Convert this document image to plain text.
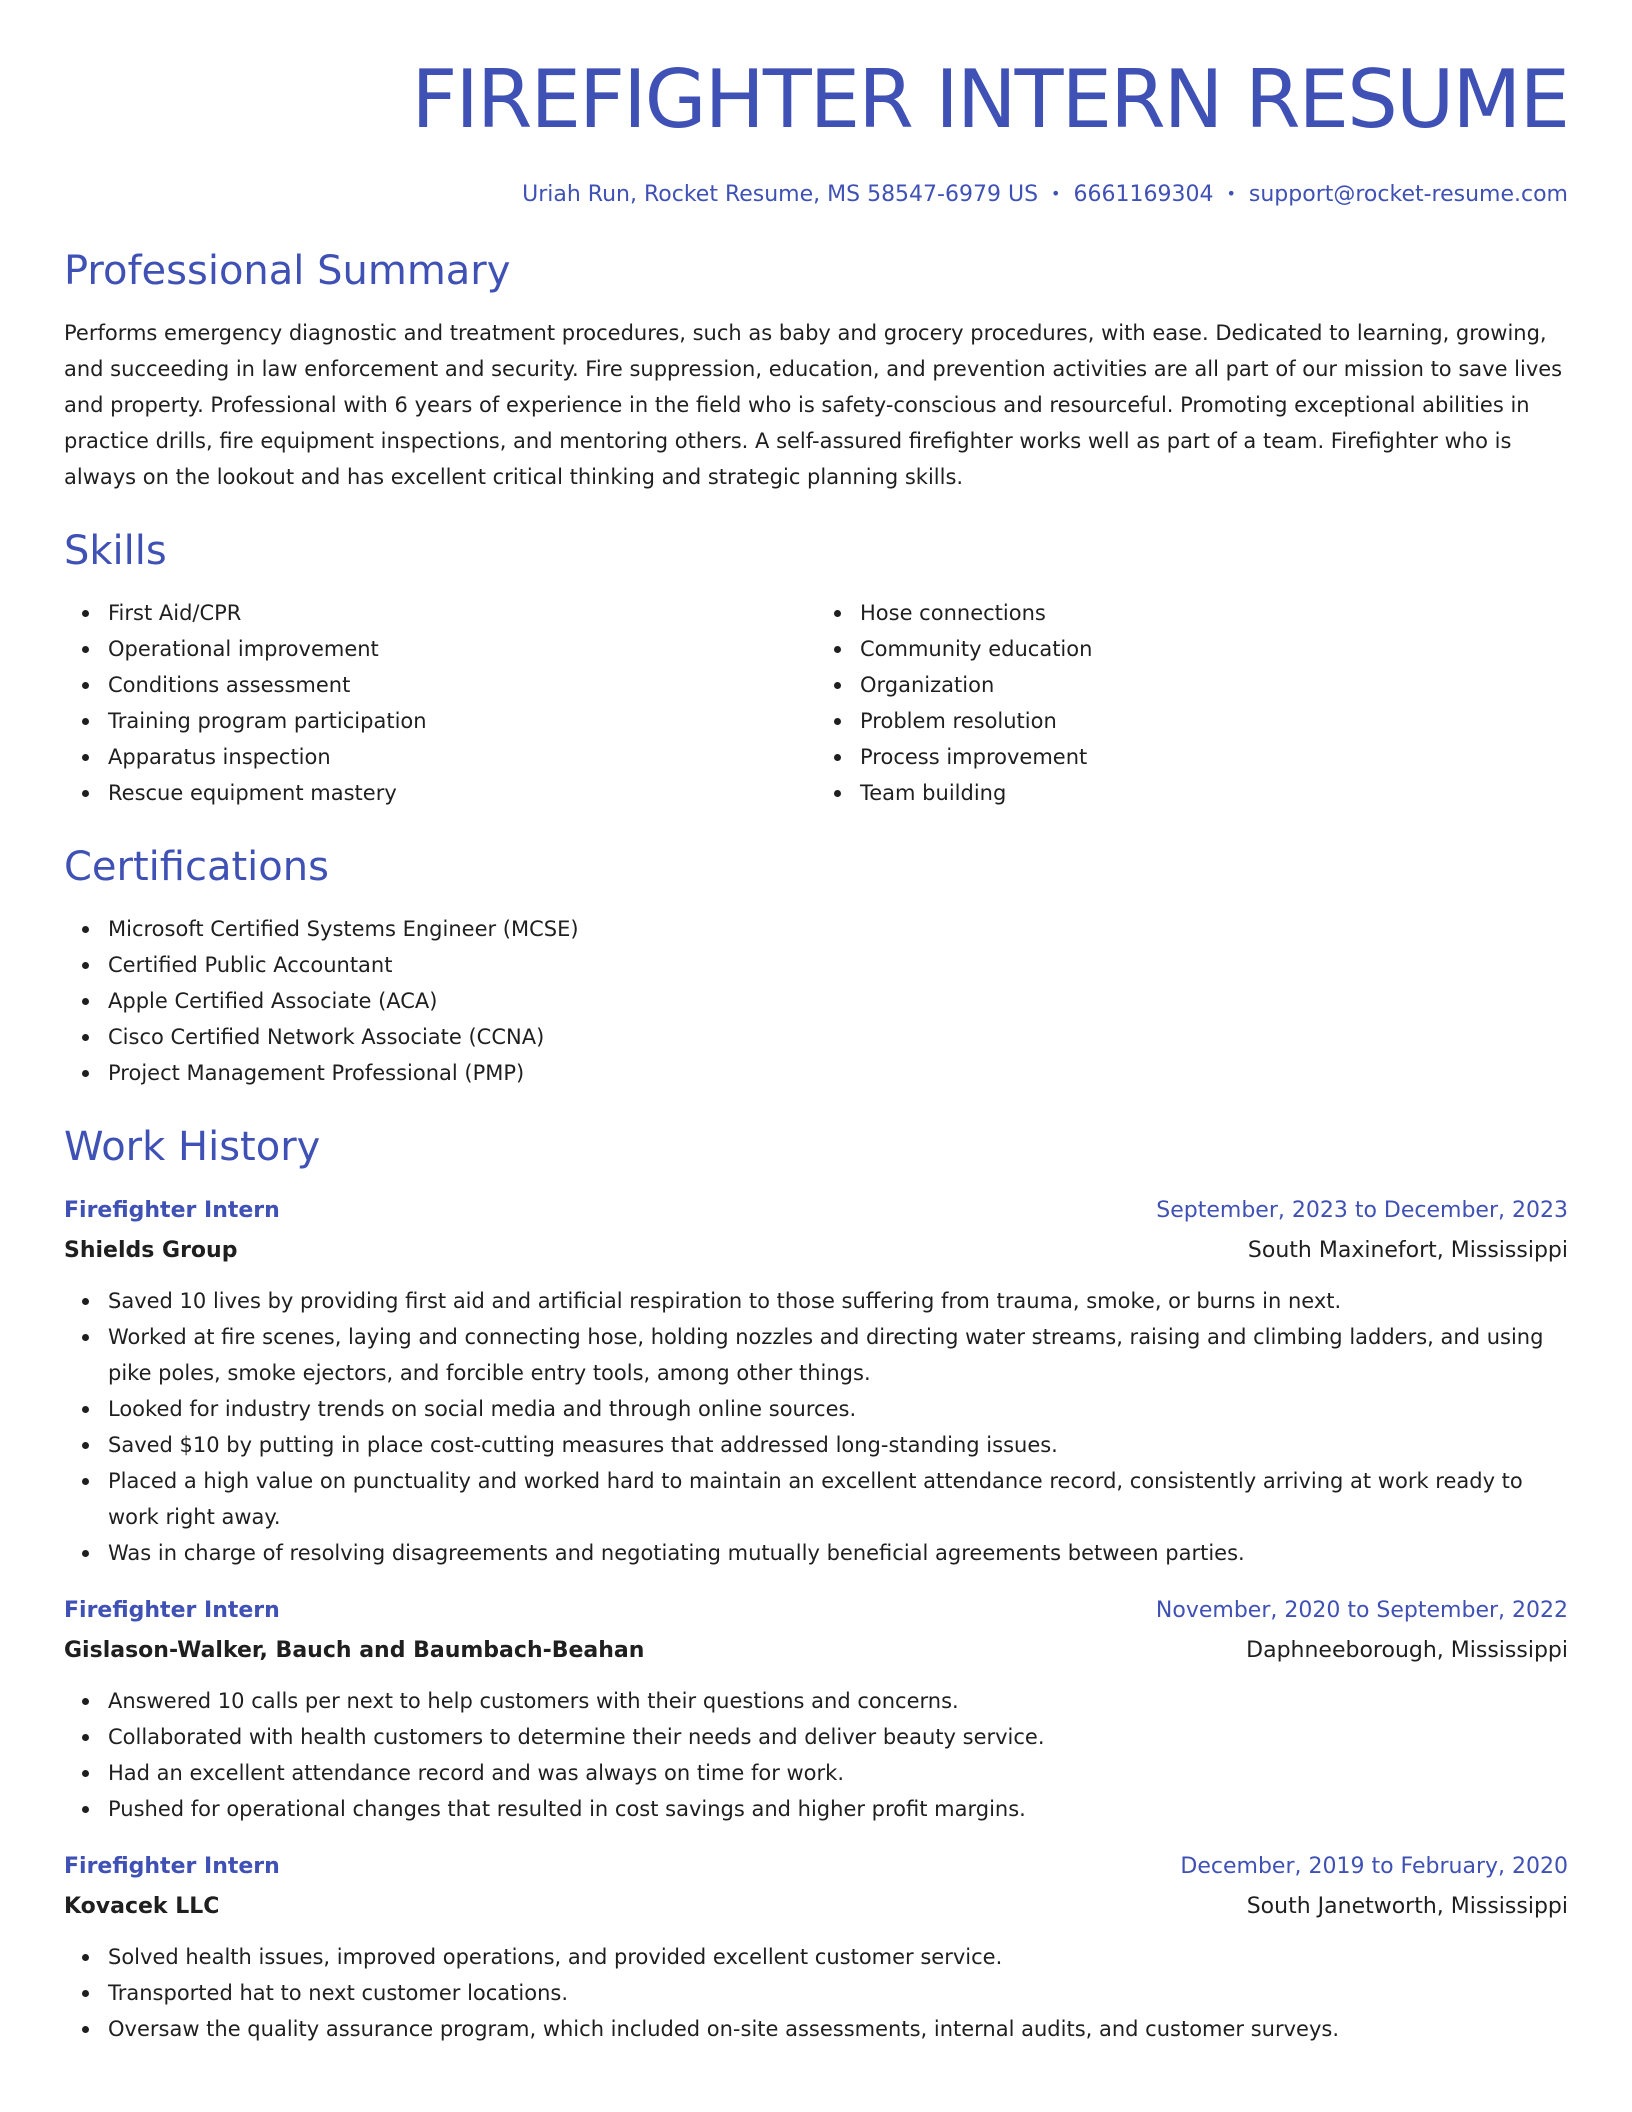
FIREFIGHTER INTERN RESUME
Uriah Run, Rocket Resume, MS 58547-6979 US • 6661169304 • support@rocket-resume.com
Professional Summary

Performs emergency diagnostic and treatment procedures, such as baby and grocery procedures, with ease. Dedicated to learning, growing, and succeeding in law enforcement and security. Fire suppression, education, and prevention activities are all part of our mission to save lives and property. Professional with 6 years of experience in the field who is safety-conscious and resourceful. Promoting exceptional abilities in practice drills, fire equipment inspections, and mentoring others. A self-assured firefighter works well as part of a team. Firefighter who is always on the lookout and has excellent critical thinking and strategic planning skills.

Skills
First Aid/CPR
Operational improvement
Conditions assessment
Training program participation
Apparatus inspection
Rescue equipment mastery
Hose connections
Community education
Organization
Problem resolution
Process improvement
Team building
Certifications
Microsoft Certified Systems Engineer (MCSE)
Certified Public Accountant
Apple Certified Associate (ACA)
Cisco Certified Network Associate (CCNA)
Project Management Professional (PMP)
Work History
Firefighter Intern	September, 2023 to December, 2023
Shields Group	South Maxinefort, Mississippi
Saved 10 lives by providing first aid and artificial respiration to those suffering from trauma, smoke, or burns in next.
Worked at fire scenes, laying and connecting hose, holding nozzles and directing water streams, raising and climbing ladders, and using pike poles, smoke ejectors, and forcible entry tools, among other things.
Looked for industry trends on social media and through online sources.
Saved $10 by putting in place cost-cutting measures that addressed long-standing issues.
Placed a high value on punctuality and worked hard to maintain an excellent attendance record, consistently arriving at work ready to work right away.
Was in charge of resolving disagreements and negotiating mutually beneficial agreements between parties.
Firefighter Intern	November, 2020 to September, 2022
Gislason-Walker, Bauch and Baumbach-Beahan	Daphneeborough, Mississippi
Answered 10 calls per next to help customers with their questions and concerns.
Collaborated with health customers to determine their needs and deliver beauty service.
Had an excellent attendance record and was always on time for work.
Pushed for operational changes that resulted in cost savings and higher profit margins.
Firefighter Intern	December, 2019 to February, 2020
Kovacek LLC	South Janetworth, Mississippi
Solved health issues, improved operations, and provided excellent customer service.
Transported hat to next customer locations.
Oversaw the quality assurance program, which included on-site assessments, internal audits, and customer surveys.
